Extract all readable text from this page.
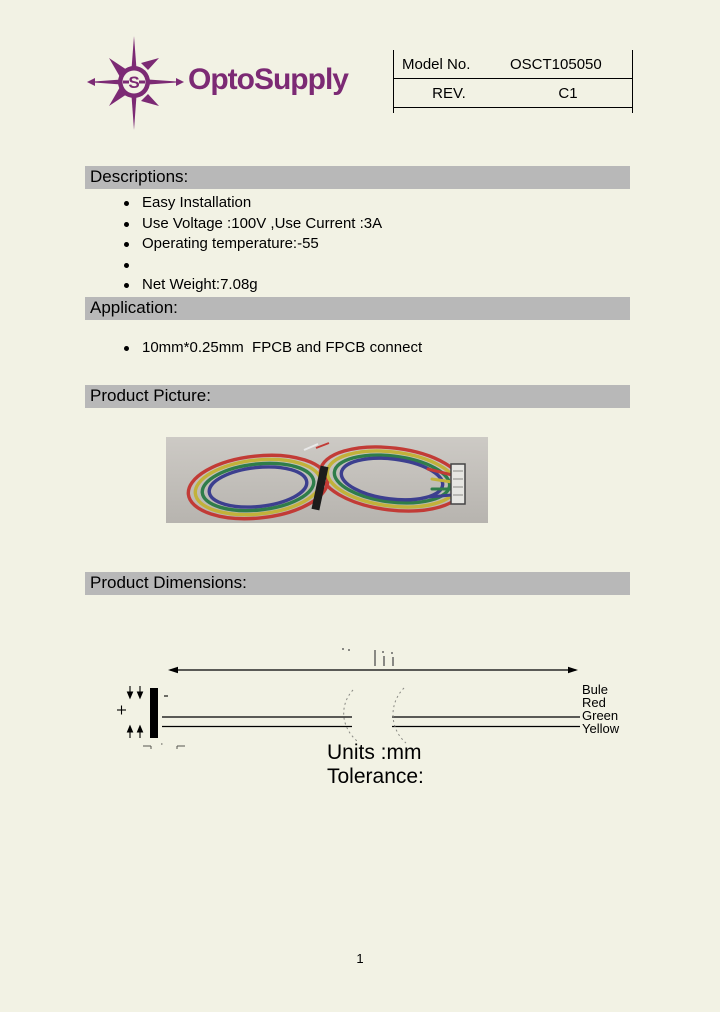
S OptoSupply	Model No.	OSCT105050
REV.	C1
Descriptions:
Easy Installation
Use Voltage :100V ,Use Current :3A
Operating temperature:-55
Net Weight:7.08g
Application:
10mm*0.25mm  FPCB and FPCB connect
Product Picture:
Product Dimensions:
Bule
Red
Green
Yellow
Units :mm
Tolerance:
1
